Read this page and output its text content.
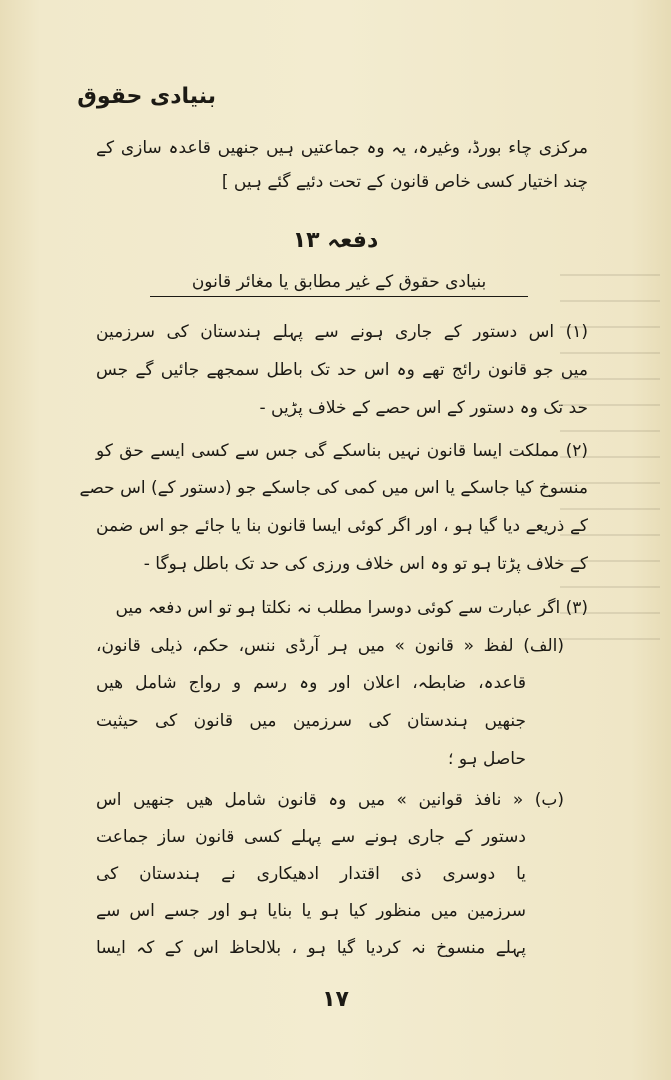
بنیادی حقوق
مرکزی چاء بورڈ، وغیرہ، یہ وہ جماعتیں ہیں جنھیں قاعدہ سازی کے
چند اختیار کسی خاص قانون کے تحت دئیے گئے ہیں ]
دفعہ ۱۳
بنیادی حقوق کے غیر مطابق یا مغائر قانون
(۱) اس دستور کے جاری ہونے سے پہلے ہندستان کی سرزمین
میں جو قانون رائج تھے وہ اس حد تک باطل سمجھے جائیں گے جس
حد تک وہ دستور کے اس حصے کے خلاف پڑیں -
(۲) مملکت ایسا قانون نہیں بناسکے گی جس سے کسی ایسے حق کو
منسوخ کیا جاسکے یا اس میں کمی کی جاسکے جو (دستور کے) اس حصے
کے ذریعے دیا گیا ہو ، اور اگر کوئی ایسا قانون بنا یا جائے جو اس ضمن
کے خلاف پڑتا ہو تو وہ اس خلاف ورزی کی حد تک باطل ہوگا -
(۳) اگر عبارت سے کوئی دوسرا مطلب نہ نکلتا ہو تو اس دفعہ میں
(الف) لفظ « قانون » میں ہر آرڈی ننس، حکم، ذیلی قانون،
قاعدہ، ضابطہ، اعلان اور وہ رسم و رواج شامل ھیں
جنھیں ہندستان کی سرزمین میں قانون کی حیثیت
حاصل ہو ؛
(ب) « نافذ قوانین » میں وہ قانون شامل ھیں جنھیں اس
دستور کے جاری ہونے سے پہلے کسی قانون ساز جماعت
یا دوسری ذی اقتدار ادھیکاری نے ہندستان کی
سرزمین میں منظور کیا ہو یا بنایا ہو اور جسے اس سے
پہلے منسوخ نہ کردیا گیا ہو ، بلالحاظ اس کے کہ ایسا
۱۷
